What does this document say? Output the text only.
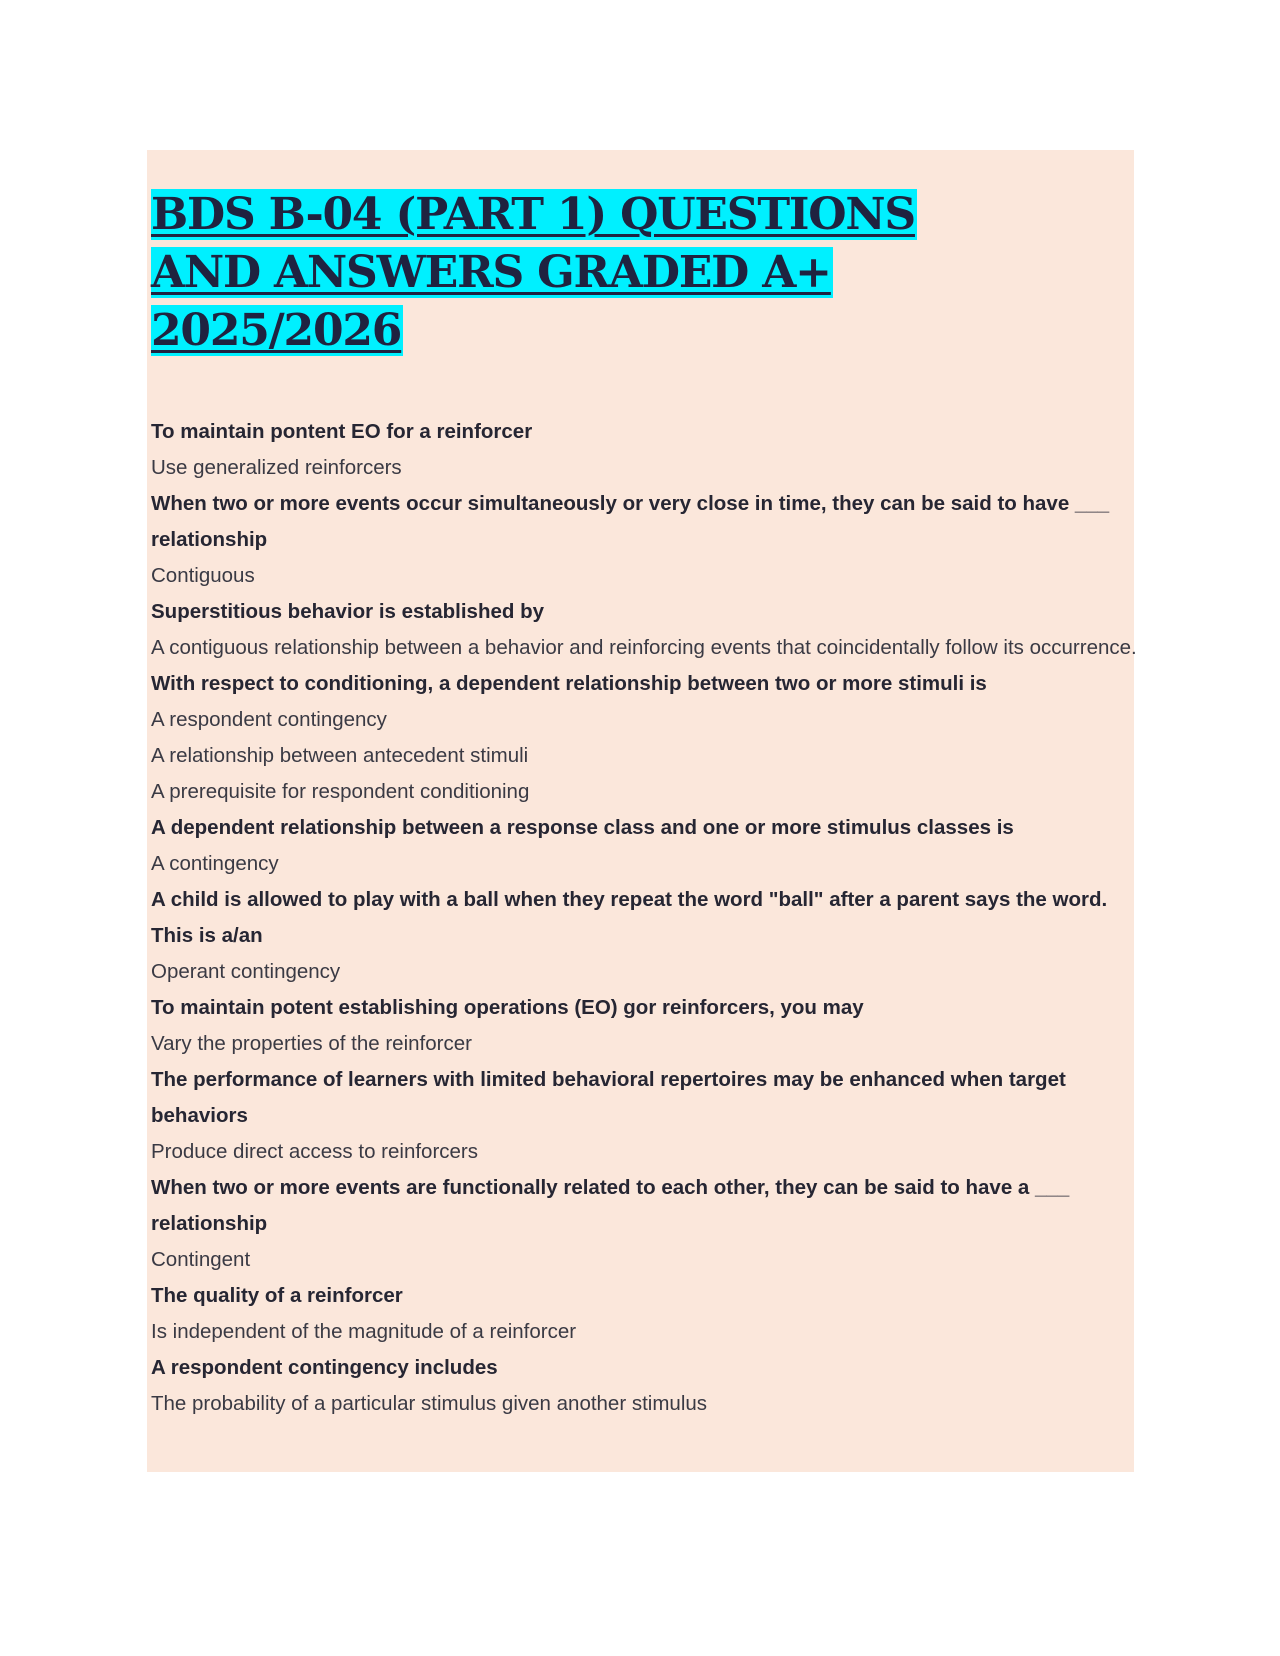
BDS B-04 (PART 1) QUESTIONS AND ANSWERS GRADED A+ 2025/2026

To maintain pontent EO for a reinforcer

Use generalized reinforcers

When two or more events occur simultaneously or very close in time, they can be said to have ___ relationship

Contiguous

Superstitious behavior is established by

A contiguous relationship between a behavior and reinforcing events that coincidentally follow its occurrence.

With respect to conditioning, a dependent relationship between two or more stimuli is

A respondent contingency

A relationship between antecedent stimuli

A prerequisite for respondent conditioning

A dependent relationship between a response class and one or more stimulus classes is

A contingency

A child is allowed to play with a ball when they repeat the word "ball" after a parent says the word. This is a/an

Operant contingency

To maintain potent establishing operations (EO) gor reinforcers, you may

Vary the properties of the reinforcer

The performance of learners with limited behavioral repertoires may be enhanced when target behaviors

Produce direct access to reinforcers

When two or more events are functionally related to each other, they can be said to have a ___ relationship

Contingent

The quality of a reinforcer

Is independent of the magnitude of a reinforcer

A respondent contingency includes

The probability of a particular stimulus given another stimulus
